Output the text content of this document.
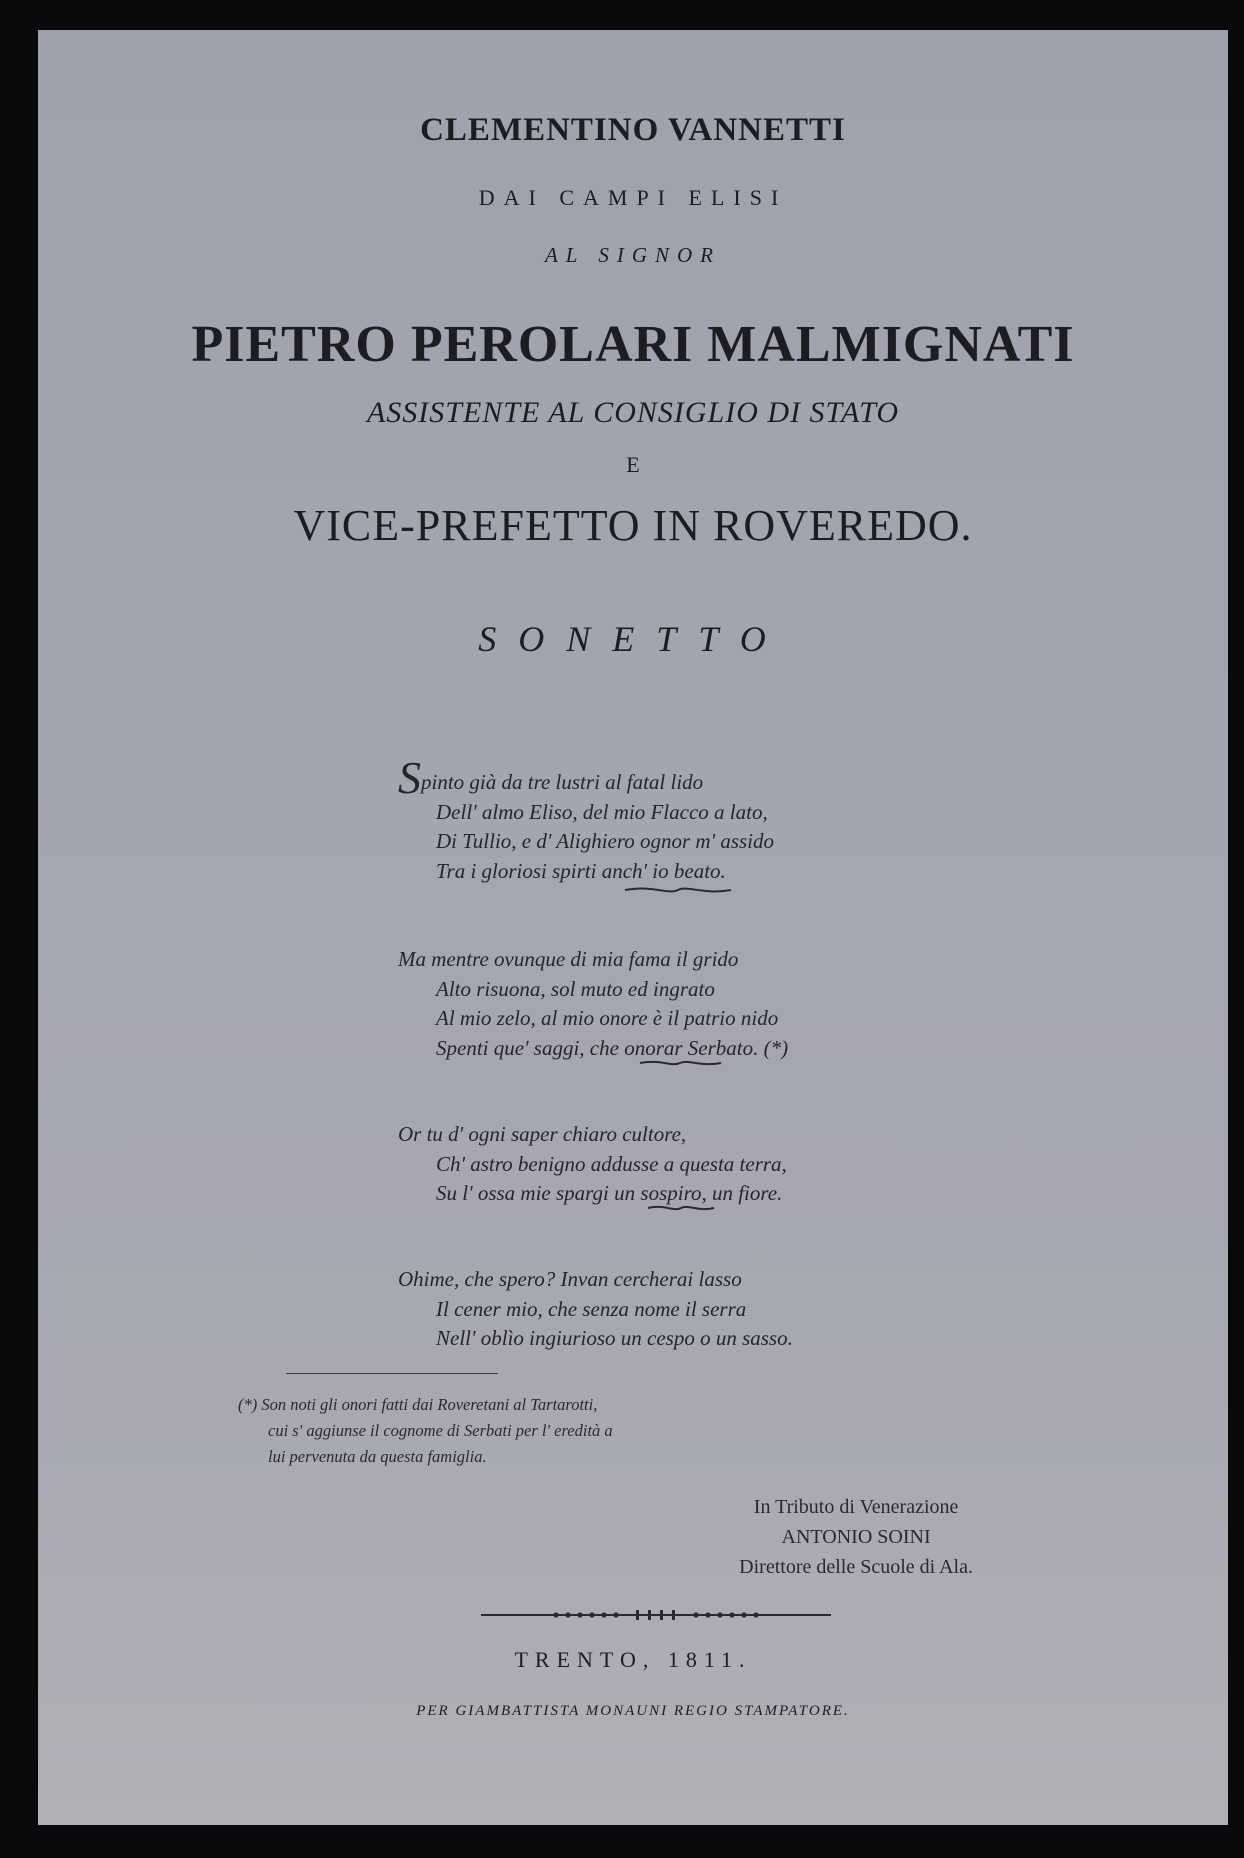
CLEMENTINO VANNETTI
DAI CAMPI ELISI
AL SIGNOR
PIETRO PEROLARI MALMIGNATI
ASSISTENTE AL CONSIGLIO DI STATO
E
VICE-PREFETTO IN ROVEREDO.
SONETTO
Spinto già da tre lustri al fatal lido
Dell' almo Eliso, del mio Flacco a lato,
Di Tullio, e d' Alighiero ognor m' assido
Tra i gloriosi spirti anch' io beato.
Ma mentre ovunque di mia fama il grido
Alto risuona, sol muto ed ingrato
Al mio zelo, al mio onore è il patrio nido
Spenti que' saggi, che onorar Serbato. (*)
Or tu d' ogni saper chiaro cultore,
Ch' astro benigno addusse a questa terra,
Su l' ossa mie spargi un sospiro, un fiore.
Ohime, che spero? Invan cercherai lasso
Il cener mio, che senza nome il serra
Nell' oblìo ingiurioso un cespo o un sasso.
(*) Son noti gli onori fatti dai Roveretani al Tartarotti,
cui s' aggiunse il cognome di Serbati per l' eredità a
lui pervenuta da questa famiglia.
In Tributo di Venerazione
ANTONIO SOINI
Direttore delle Scuole di Ala.
TRENTO, 1811.
PER GIAMBATTISTA MONAUNI REGIO STAMPATORE.
